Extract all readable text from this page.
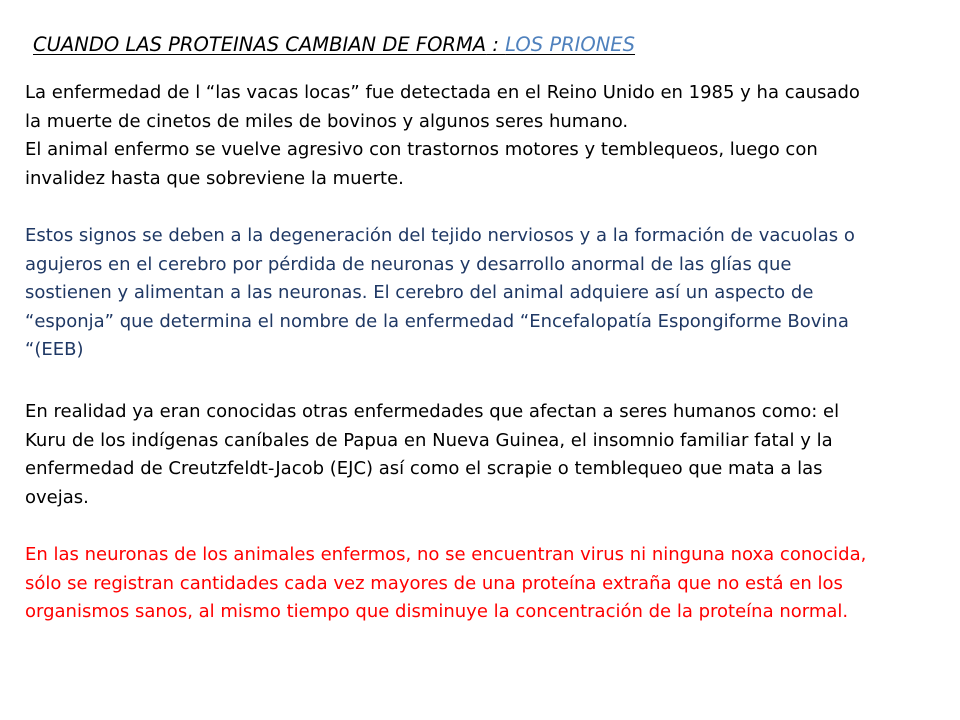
CUANDO LAS PROTEINAS CAMBIAN DE FORMA : LOS PRIONES

La enfermedad de l “las vacas locas” fue detectada en el Reino Unido en 1985 y ha causado
la muerte de cinetos de miles de bovinos y algunos seres humano.
El animal enfermo se vuelve agresivo con trastornos motores y temblequeos, luego con
invalidez hasta que sobreviene la muerte.

Estos signos se deben a la degeneración del tejido nerviosos y a la formación de vacuolas o
agujeros en el cerebro por pérdida de neuronas y desarrollo anormal de las glías que
sostienen y alimentan a las neuronas. El cerebro del animal adquiere así un aspecto de
“esponja” que determina el nombre de la enfermedad “Encefalopatía Espongiforme Bovina
“(EEB)

En realidad ya eran conocidas otras enfermedades que afectan a seres humanos como: el
Kuru de los indígenas caníbales de Papua en Nueva Guinea, el insomnio familiar fatal y la
enfermedad de Creutzfeldt-Jacob (EJC) así como el scrapie o temblequeo que mata a las
ovejas.

En las neuronas de los animales enfermos, no se encuentran virus ni ninguna noxa conocida,
sólo se registran cantidades cada vez mayores de una proteína extraña que no está en los
organismos sanos, al mismo tiempo que disminuye la concentración de la proteína normal.
